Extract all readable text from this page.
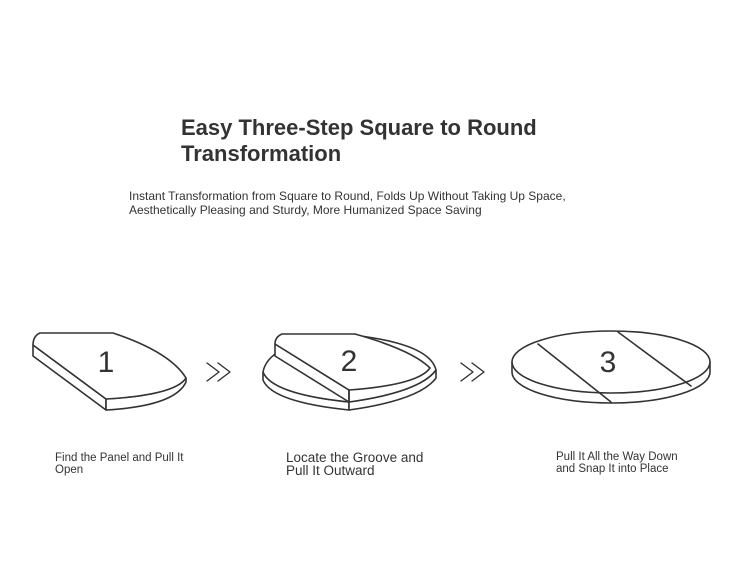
Easy Three-Step Square to Round Transformation

Instant Transformation from Square to Round, Folds Up Without Taking Up Space, Aesthetically Pleasing and Sturdy, More Humanized Space Saving

1	2	3

Find the Panel and Pull It Open

Locate the Groove and Pull It Outward

Pull It All the Way Down and Snap It into Place
